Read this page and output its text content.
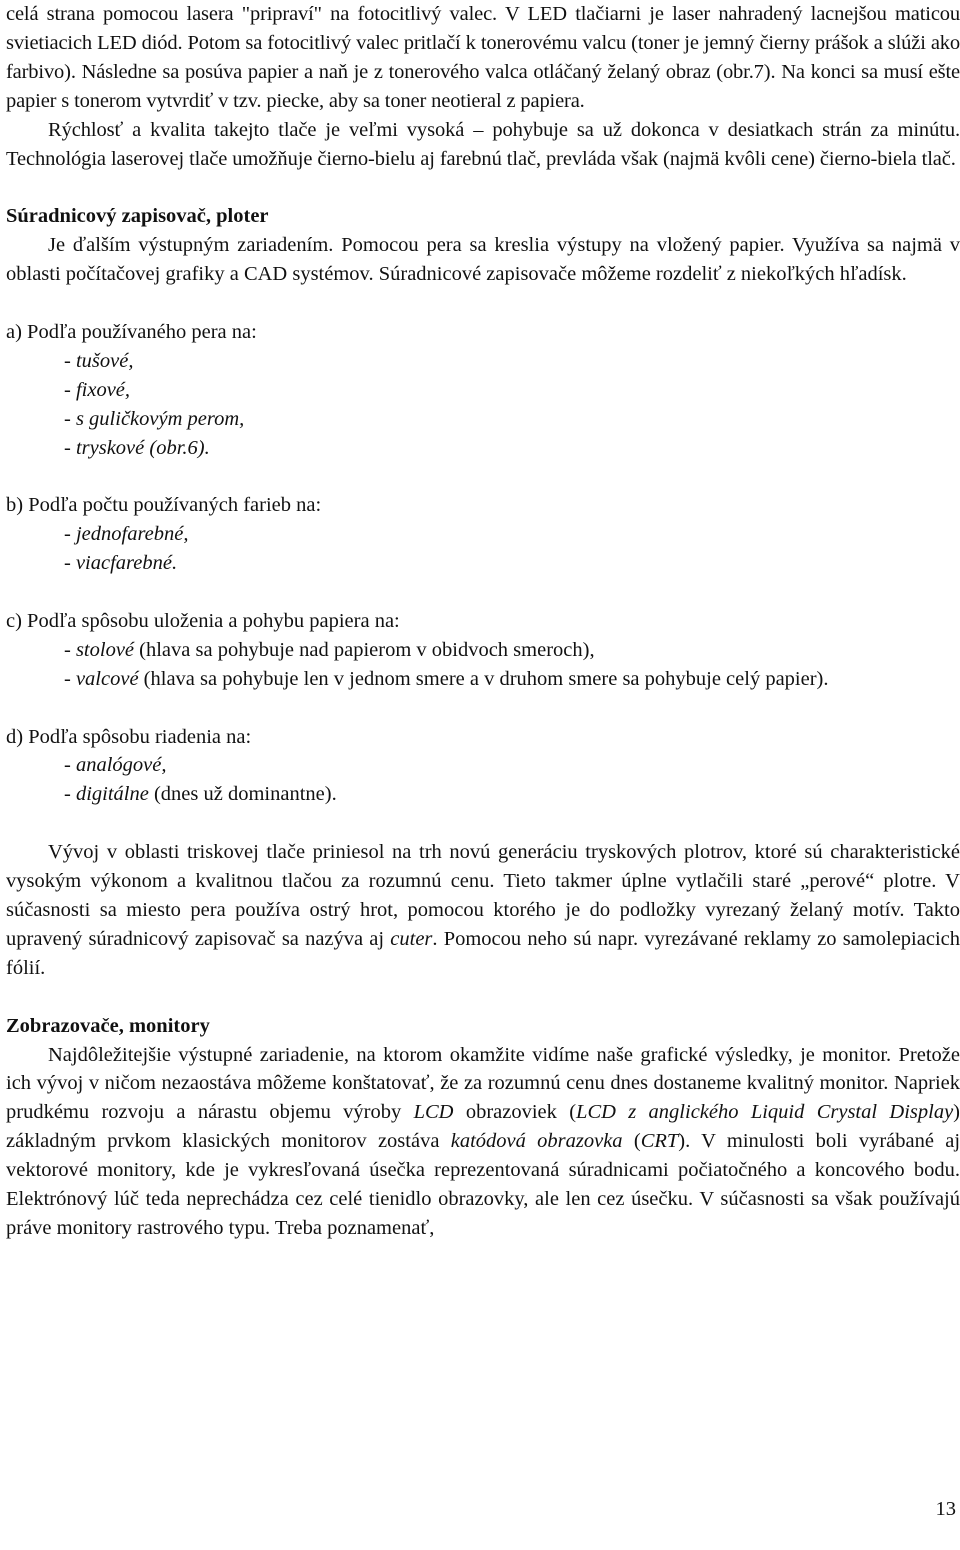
celá strana pomocou lasera "pripraví" na fotocitlivý valec. V LED tlačiarni je laser nahradený lacnejšou maticou svietiacich LED diód. Potom sa fotocitlivý valec pritlačí k tonerovému valcu (toner je jemný čierny prášok a slúži ako farbivo). Následne sa posúva papier a naň je z tonerového valca otláčaný želaný obraz (obr.7). Na konci sa musí ešte papier s tonerom vytvrdiť v tzv. piecke, aby sa toner neotieral z papiera.

Rýchlosť a kvalita takejto tlače je veľmi vysoká – pohybuje sa už dokonca v desiatkach strán za minútu. Technológia laserovej tlače umožňuje čierno-bielu aj farebnú tlač, prevláda však (najmä kvôli cene) čierno-biela tlač.

Súradnicový zapisovač, ploter

Je ďalším výstupným zariadením. Pomocou pera sa kreslia výstupy na vložený papier. Využíva sa najmä v oblasti počítačovej grafiky a CAD systémov. Súradnicové zapisovače môžeme rozdeliť z niekoľkých hľadísk.

a) Podľa používaného pera na:

- tušové,

- fixové,

- s guličkovým perom,

- tryskové (obr.6).

b) Podľa počtu používaných farieb na:

- jednofarebné,

- viacfarebné.

c) Podľa spôsobu uloženia a pohybu papiera na:

- stolové (hlava sa pohybuje nad papierom v obidvoch smeroch),

- valcové (hlava sa pohybuje len v jednom smere a v druhom smere sa pohybuje celý papier).

d) Podľa spôsobu riadenia na:

- analógové,

- digitálne (dnes už dominantne).

Vývoj v oblasti triskovej tlače priniesol na trh novú generáciu tryskových plotrov, ktoré sú charakteristické vysokým výkonom a kvalitnou tlačou za rozumnú cenu. Tieto takmer úplne vytlačili staré „perové“ plotre. V súčasnosti sa miesto pera používa ostrý hrot, pomocou ktorého je do podložky vyrezaný želaný motív. Takto upravený súradnicový zapisovač sa nazýva aj cuter. Pomocou neho sú napr. vyrezávané reklamy zo samolepiacich fólií.

Zobrazovače, monitory

Najdôležitejšie výstupné zariadenie, na ktorom okamžite vidíme naše grafické výsledky, je monitor. Pretože ich vývoj v ničom nezaostáva môžeme konštatovať, že za rozumnú cenu dnes dostaneme kvalitný monitor. Napriek prudkému rozvoju a nárastu objemu výroby LCD obrazoviek (LCD z anglického Liquid Crystal Display) základným prvkom klasických monitorov zostáva katódová obrazovka (CRT). V minulosti boli vyrábané aj vektorové monitory, kde je vykresľovaná úsečka reprezentovaná súradnicami počiatočného a koncového bodu. Elektrónový lúč teda neprechádza cez celé tienidlo obrazovky, ale len cez úsečku. V súčasnosti sa však používajú práve monitory rastrového typu. Treba poznamenať,

13
